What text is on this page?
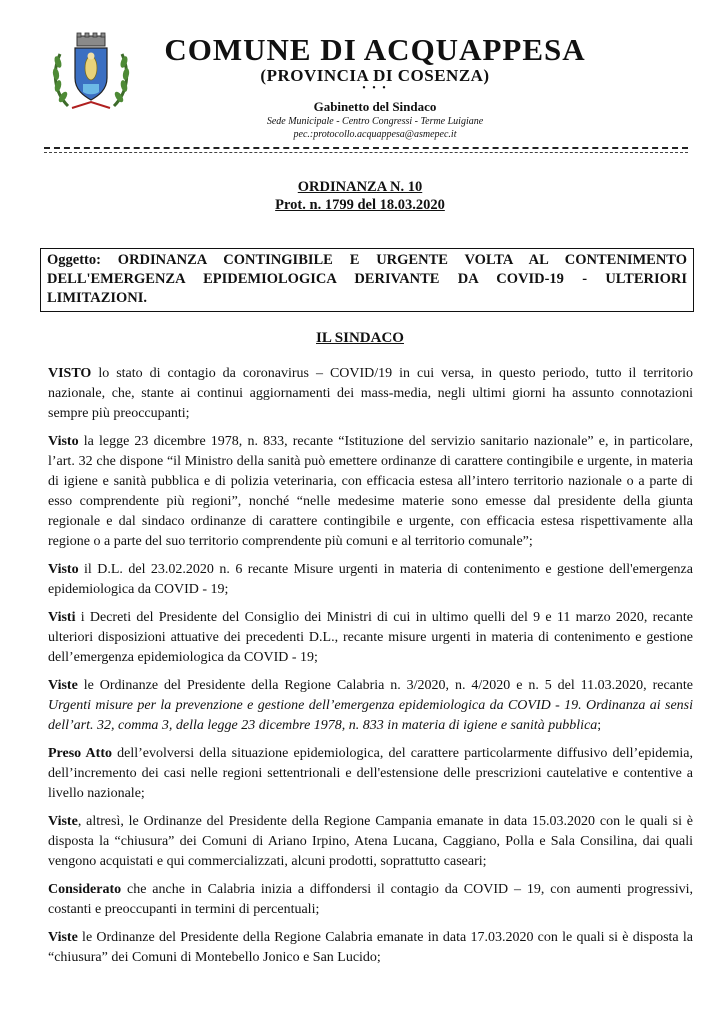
COMUNE DI ACQUAPPESA
(PROVINCIA DI COSENZA)
• • •
Gabinetto del Sindaco
Sede Municipale - Centro Congressi - Terme Luigiane
pec.:protocollo.acquappesa@asmepec.it
ORDINANZA N. 10
Prot. n. 1799 del 18.03.2020
Oggetto: ORDINANZA CONTINGIBILE E URGENTE VOLTA AL CONTENIMENTO DELL'EMERGENZA EPIDEMIOLOGICA DERIVANTE DA COVID-19 - ULTERIORI LIMITAZIONI.
IL SINDACO

VISTO lo stato di contagio da coronavirus – COVID/19 in cui versa, in questo periodo, tutto il territorio nazionale, che, stante ai continui aggiornamenti dei mass-media, negli ultimi giorni ha assunto connotazioni sempre più preoccupanti;

Visto la legge 23 dicembre 1978, n. 833, recante “Istituzione del servizio sanitario nazionale” e, in particolare, l’art. 32 che dispone “il Ministro della sanità può emettere ordinanze di carattere contingibile e urgente, in materia di igiene e sanità pubblica e di polizia veterinaria, con efficacia estesa all’intero territorio nazionale o a parte di esso comprendente più regioni”, nonché “nelle medesime materie sono emesse dal presidente della giunta regionale e dal sindaco ordinanze di carattere contingibile e urgente, con efficacia estesa rispettivamente alla regione o a parte del suo territorio comprendente più comuni e al territorio comunale”;

Visto il D.L. del 23.02.2020 n. 6 recante Misure urgenti in materia di contenimento e gestione dell'emergenza epidemiologica da COVID - 19;

Visti i Decreti del Presidente del Consiglio dei Ministri di cui in ultimo quelli del 9 e 11 marzo 2020, recante ulteriori disposizioni attuative dei precedenti D.L., recante misure urgenti in materia di contenimento e gestione dell’emergenza epidemiologica da COVID - 19;

Viste le Ordinanze del Presidente della Regione Calabria n. 3/2020, n. 4/2020 e n. 5 del 11.03.2020, recante Urgenti misure per la prevenzione e gestione dell’emergenza epidemiologica da COVID - 19. Ordinanza ai sensi dell’art. 32, comma 3, della legge 23 dicembre 1978, n. 833 in materia di igiene e sanità pubblica;

Preso Atto dell’evolversi della situazione epidemiologica, del carattere particolarmente diffusivo dell’epidemia, dell’incremento dei casi nelle regioni settentrionali e dell'estensione delle prescrizioni cautelative e contentive a livello nazionale;

Viste, altresì, le Ordinanze del Presidente della Regione Campania emanate in data 15.03.2020 con le quali si è disposta la “chiusura” dei Comuni di Ariano Irpino, Atena Lucana, Caggiano, Polla e Sala Consilina, dai quali vengono acquistati e qui commercializzati, alcuni prodotti, soprattutto caseari;

Considerato che anche in Calabria inizia a diffondersi il contagio da COVID – 19, con aumenti progressivi, costanti e preoccupanti in termini di percentuali;

Viste le Ordinanze del Presidente della Regione Calabria emanate in data 17.03.2020 con le quali si è disposta la “chiusura” dei Comuni di Montebello Jonico e San Lucido;
